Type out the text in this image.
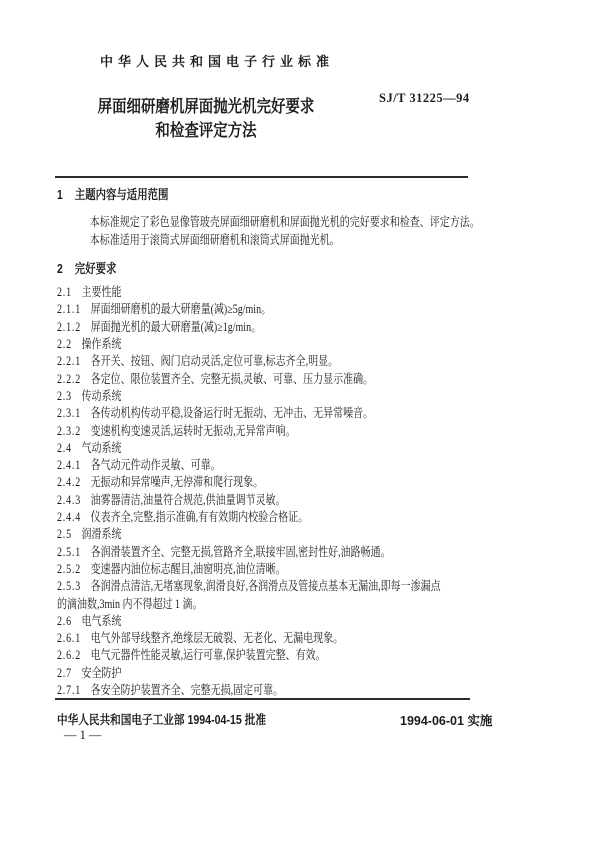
中华人民共和国电子行业标准
SJ/T 31225—94
屏面细研磨机屏面抛光机完好要求
和检查评定方法
1 主题内容与适用范围

本标准规定了彩色显像管玻壳屏面细研磨机和屏面抛光机的完好要求和检查、评定方法。

本标准适用于滚筒式屏面细研磨机和滚筒式屏面抛光机。

2 完好要求
2.1 主要性能
2.1.1 屏面细研磨机的最大研磨量(减)≥5g/min。
2.1.2 屏面抛光机的最大研磨量(减)≥1g/min。
2.2 操作系统
2.2.1 各开关、按钮、阀门启动灵活,定位可靠,标志齐全,明显。
2.2.2 各定位、限位装置齐全、完整无损,灵敏、可靠、压力显示准确。
2.3 传动系统
2.3.1 各传动机构传动平稳,设备运行时无振动、无冲击、无异常噪音。
2.3.2 变速机构变速灵活,运转时无振动,无异常声响。
2.4 气动系统
2.4.1 各气动元件动作灵敏、可靠。
2.4.2 无振动和异常噪声,无停滞和爬行现象。
2.4.3 油雾器清洁,油量符合规范,供油量调节灵敏。
2.4.4 仪表齐全,完整,指示准确,有有效期内校验合格证。
2.5 润滑系统
2.5.1 各润滑装置齐全、完整无损,管路齐全,联接牢固,密封性好,油路畅通。
2.5.2 变速器内油位标志醒目,油窗明亮,油位清晰。
2.5.3 各润滑点清洁,无堵塞现象,润滑良好,各润滑点及管接点基本无漏油,即每一渗漏点
的滴油数,3min 内不得超过 1 滴。
2.6 电气系统
2.6.1 电气外部导线整齐,绝缘层无破裂、无老化、无漏电现象。
2.6.2 电气元器件性能灵敏,运行可靠,保护装置完整、有效。
2.7 安全防护
2.7.1 各安全防护装置齐全、完整无损,固定可靠。
中华人民共和国电子工业部 1994-04-15 批准	1994-06-01 实施
— 1 —
